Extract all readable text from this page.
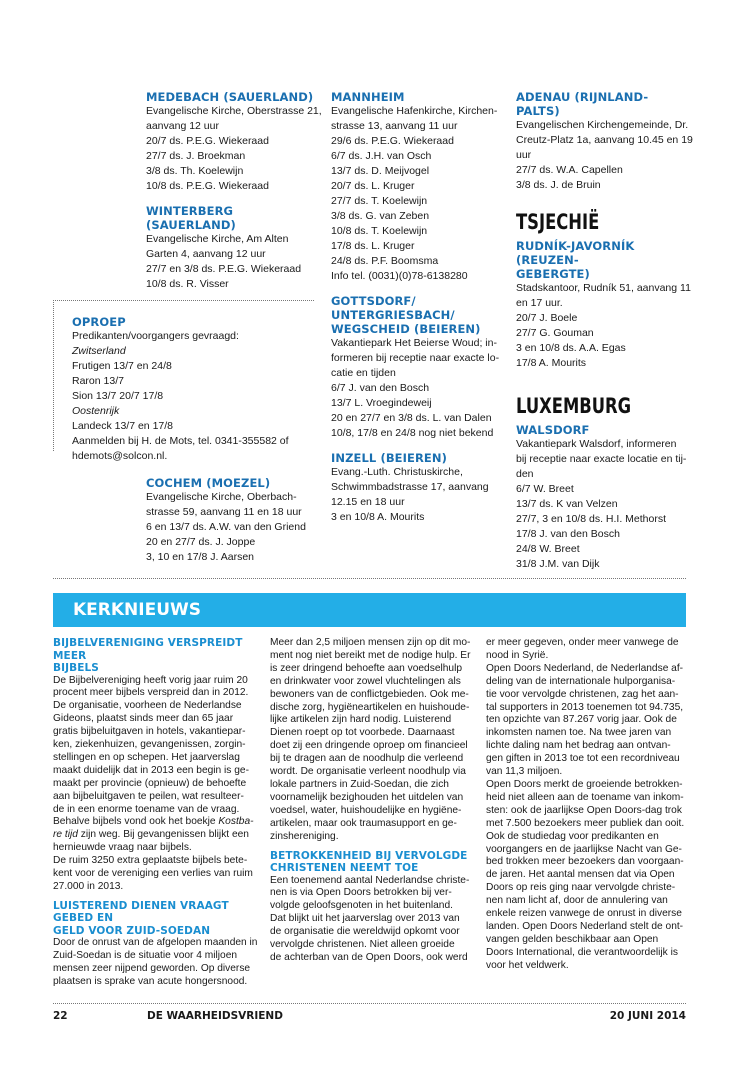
MEDEBACH (SAUERLAND)
Evangelische Kirche, Oberstrasse 21,
aanvang 12 uur
20/7 ds. P.E.G. Wiekeraad
27/7 ds. J. Broekman
3/8 ds. Th. Koelewijn
10/8 ds. P.E.G. Wiekeraad
WINTERBERG (SAUERLAND)
Evangelische Kirche, Am Alten
Garten 4, aanvang 12 uur
27/7 en 3/8 ds. P.E.G. Wiekeraad
10/8 ds. R. Visser
OPROEP
Predikanten/voorgangers gevraagd:
Zwitserland
Frutigen 13/7 en 24/8
Raron 13/7
Sion 13/7 20/7 17/8
Oostenrijk
Landeck 13/7 en 17/8
Aanmelden bij H. de Mots, tel. 0341-355582 of
hdemots@solcon.nl.
COCHEM (MOEZEL)
Evangelische Kirche, Oberbach-
strasse 59, aanvang 11 en 18 uur
6 en 13/7 ds. A.W. van den Griend
20 en 27/7 ds. J. Joppe
3, 10 en 17/8 J. Aarsen
MANNHEIM
Evangelische Hafenkirche, Kirchen-
strasse 13, aanvang 11 uur
29/6 ds. P.E.G. Wiekeraad
6/7 ds. J.H. van Osch
13/7 ds. D. Meijvogel
20/7 ds. L. Kruger
27/7 ds. T. Koelewijn
3/8 ds. G. van Zeben
10/8 ds. T. Koelewijn
17/8 ds. L. Kruger
24/8 ds. P.F. Boomsma
Info tel. (0031)(0)78-6138280
GOTTSDORF/ UNTERGRIESBACH/
WEGSCHEID (BEIEREN)
Vakantiepark Het Beierse Woud; in-
formeren bij receptie naar exacte lo-
catie en tijden
6/7 J. van den Bosch
13/7 L. Vroegindeweij
20 en 27/7 en 3/8 ds. L. van Dalen
10/8, 17/8 en 24/8 nog niet bekend
INZELL (BEIEREN)
Evang.-Luth. Christuskirche,
Schwimmbadstrasse 17, aanvang
12.15 en 18 uur
3 en 10/8 A. Mourits
ADENAU (RIJNLAND-PALTS)
Evangelischen Kirchengemeinde, Dr.
Creutz-Platz 1a, aanvang 10.45 en 19
uur
27/7 ds. W.A. Capellen
3/8 ds. J. de Bruin
TSJECHIË
RUDNÍK-JAVORNÍK (REUZEN-
GEBERGTE)
Stadskantoor, Rudník 51, aanvang 11
en 17 uur.
20/7 J. Boele
27/7 G. Gouman
3 en 10/8 ds. A.A. Egas
17/8 A. Mourits
LUXEMBURG
WALSDORF
Vakantiepark Walsdorf, informeren
bij receptie naar exacte locatie en tij-
den
6/7 W. Breet
13/7 ds. K van Velzen
27/7, 3 en 10/8 ds. H.I. Methorst
17/8 J. van den Bosch
24/8 W. Breet
31/8 J.M. van Dijk
KERKNIEUWS
BIJBELVERENIGING VERSPREIDT MEER
BIJBELS
De Bijbelvereniging heeft vorig jaar ruim 20
procent meer bijbels verspreid dan in 2012.
De organisatie, voorheen de Nederlandse
Gideons, plaatst sinds meer dan 65 jaar
gratis bijbeluitgaven in hotels, vakantiepar-
ken, ziekenhuizen, gevangenissen, zorgin-
stellingen en op schepen. Het jaarverslag
maakt duidelijk dat in 2013 een begin is ge-
maakt per provincie (opnieuw) de behoefte
aan bijbeluitgaven te peilen, wat resulteer-
de in een enorme toename van de vraag.
Behalve bijbels vond ook het boekje Kostba-
re tijd zijn weg. Bij gevangenissen blijkt een
hernieuwde vraag naar bijbels.
De ruim 3250 extra geplaatste bijbels bete-
kent voor de vereniging een verlies van ruim
27.000 in 2013.
LUISTEREND DIENEN VRAAGT GEBED EN
GELD VOOR ZUID-SOEDAN
Door de onrust van de afgelopen maanden in
Zuid-Soedan is de situatie voor 4 miljoen
mensen zeer nijpend geworden. Op diverse
plaatsen is sprake van acute hongersnood.
Meer dan 2,5 miljoen mensen zijn op dit mo-
ment nog niet bereikt met de nodige hulp. Er
is zeer dringend behoefte aan voedselhulp
en drinkwater voor zowel vluchtelingen als
bewoners van de conflictgebieden. Ook me-
dische zorg, hygiëneartikelen en huishoude-
lijke artikelen zijn hard nodig. Luisterend
Dienen roept op tot voorbede. Daarnaast
doet zij een dringende oproep om financieel
bij te dragen aan de noodhulp die verleend
wordt. De organisatie verleent noodhulp via
lokale partners in Zuid-Soedan, die zich
voornamelijk bezighouden het uitdelen van
voedsel, water, huishoudelijke en hygiëne-
artikelen, maar ook traumasupport en ge-
zinshereniging.
BETROKKENHEID BIJ VERVOLGDE
CHRISTENEN NEEMT TOE
Een toenemend aantal Nederlandse christe-
nen is via Open Doors betrokken bij ver-
volgde geloofsgenoten in het buitenland.
Dat blijkt uit het jaarverslag over 2013 van
de organisatie die wereldwijd opkomt voor
vervolgde christenen. Niet alleen groeide
de achterban van de Open Doors, ook werd
er meer gegeven, onder meer vanwege de
nood in Syrië.
Open Doors Nederland, de Nederlandse af-
deling van de internationale hulporganisa-
tie voor vervolgde christenen, zag het aan-
tal supporters in 2013 toenemen tot 94.735,
ten opzichte van 87.267 vorig jaar. Ook de
inkomsten namen toe. Na twee jaren van
lichte daling nam het bedrag aan ontvan-
gen giften in 2013 toe tot een recordniveau
van 11,3 miljoen.
Open Doors merkt de groeiende betrokken-
heid niet alleen aan de toename van inkom-
sten: ook de jaarlijkse Open Doors-dag trok
met 7.500 bezoekers meer publiek dan ooit.
Ook de studiedag voor predikanten en
voorgangers en de jaarlijkse Nacht van Ge-
bed trokken meer bezoekers dan voorgaan-
de jaren. Het aantal mensen dat via Open
Doors op reis ging naar vervolgde christe-
nen nam licht af, door de annulering van
enkele reizen vanwege de onrust in diverse
landen. Open Doors Nederland stelt de ont-
vangen gelden beschikbaar aan Open
Doors International, die verantwoordelijk is
voor het veldwerk.
22	DE WAARHEIDSVRIEND	20 JUNI 2014
